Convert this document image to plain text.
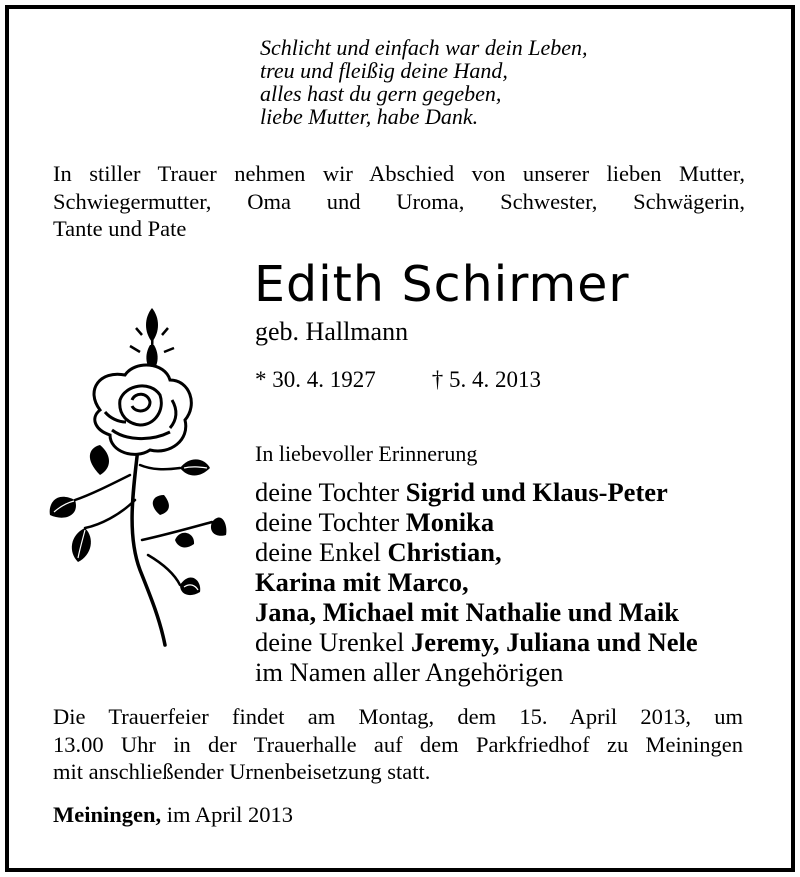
Schlicht und einfach war dein Leben,
treu und fleißig deine Hand,
alles hast du gern gegeben,
liebe Mutter, habe Dank.
In stiller Trauer nehmen wir Abschied von unserer lieben Mutter,
Schwiegermutter, Oma und Uroma, Schwester, Schwägerin,
Tante und Pate
Edith Schirmer
geb. Hallmann
* 30. 4. 1927 † 5. 4. 2013
In liebevoller Erinnerung
deine Tochter Sigrid und Klaus-Peter
deine Tochter Monika
deine Enkel Christian,
Karina mit Marco,
Jana, Michael mit Nathalie und Maik
deine Urenkel Jeremy, Juliana und Nele
im Namen aller Angehörigen
Die Trauerfeier findet am Montag, dem 15. April 2013, um
13.00 Uhr in der Trauerhalle auf dem Parkfriedhof zu Meiningen
mit anschließender Urnenbeisetzung statt.
Meiningen, im April 2013
